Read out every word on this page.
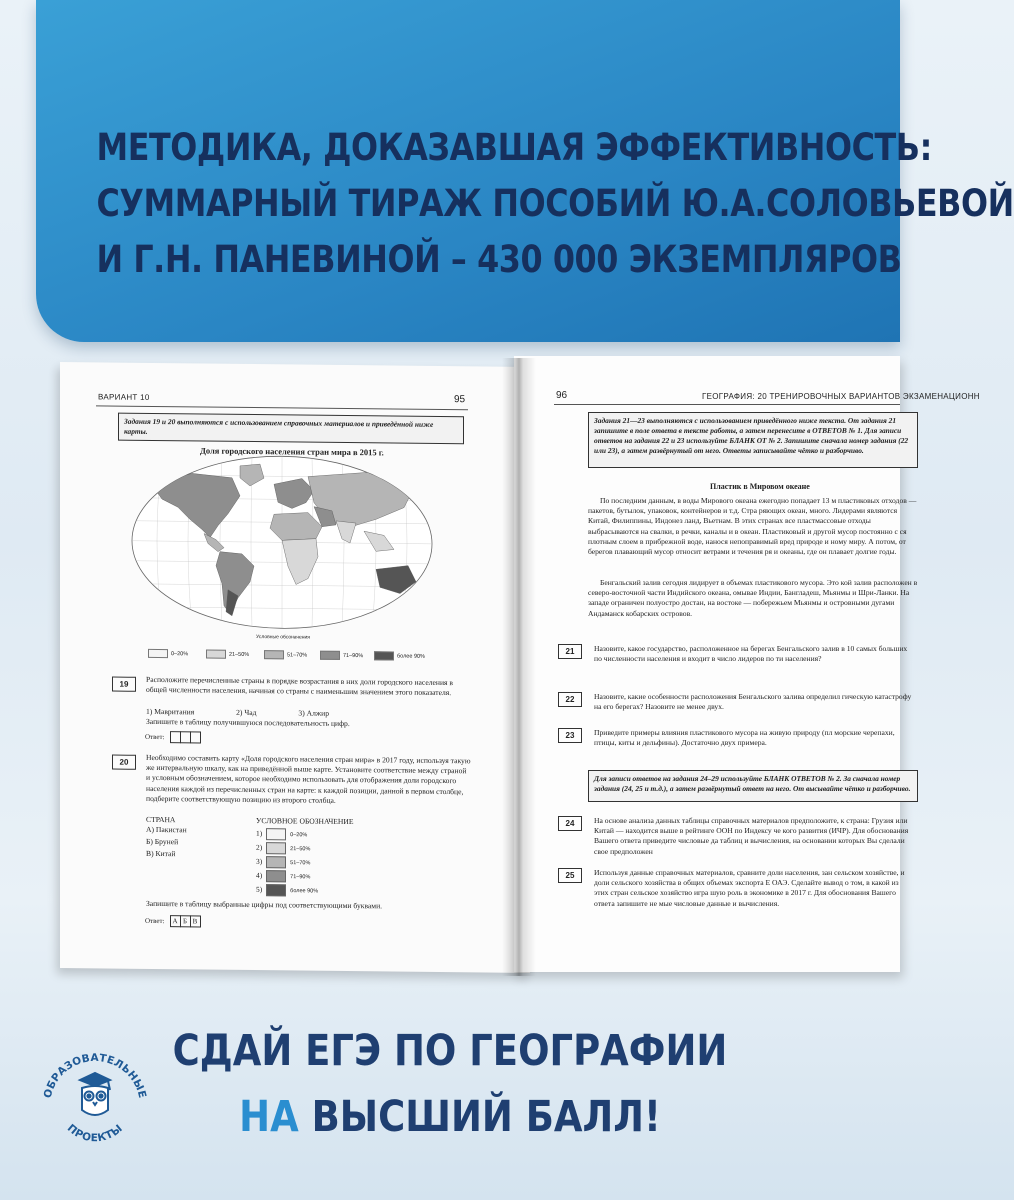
МЕТОДИКА, ДОКАЗАВШАЯ ЭФФЕКТИВНОСТЬ:
СУММАРНЫЙ ТИРАЖ ПОСОБИЙ Ю.А.СОЛОВЬЕВОЙ
И Г.Н. ПАНЕВИНОЙ – 430 000 ЭКЗЕМПЛЯРОВ
ВАРИАНТ 10	95
Задания 19 и 20 выполняются с использованием справочных материалов и приведённой ниже карты.
Доля городского населения стран мира в 2015 г.
Условные обозначения
0–20%	21–50%	51–70%	71–90%	более 90%
19	Расположите перечисленные страны в порядке возрастания в них доли городского населения в общей численности населения, начиная со страны с наименьшим значением этого показателя.
1) Мавритания	2) Чад	3) Алжир
Запишите в таблицу получившуюся последовательность цифр.
Ответ:
20	Необходимо составить карту «Доля городского населения стран мира» в 2017 году, используя такую же интервальную шкалу, как на приведённой выше карте. Установите соответствие между страной и условным обозначением, которое необходимо использовать для отображения доли городского населения каждой из перечисленных стран на карте: к каждой позиции, данной в первом столбце, подберите соответствующую позицию из второго столбца.
СТРАНА	УСЛОВНОЕ ОБОЗНАЧЕНИЕ
А) Пакистан
Б) Бруней
В) Китай
1)	0–20%
2)	21–50%
3)	51–70%
4)	71–90%
5)	более 90%
Запишите в таблицу выбранные цифры под соответствующими буквами.
Ответ: А Б В
96	ГЕОГРАФИЯ: 20 ТРЕНИРОВОЧНЫХ ВАРИАНТОВ ЭКЗАМЕНАЦИОНН
Задания 21—23 выполняются с использованием приведённого ниже текста. От задания 21 запишите в поле ответа в тексте работы, а затем перенесите в ОТВЕТОВ № 1. Для записи ответов на задания 22 и 23 используйте БЛАНК ОТ № 2. Запишите сначала номер задания (22 или 23), а затем развёрнутый от него. Ответы записывайте чётко и разборчиво.
Пластик в Мировом океане
По последним данным, в воды Мирового океана ежегодно попадает 13 м пластиковых отходов — пакетов, бутылок, упаковок, контейнеров и т.д. Стра ряющих океан, много. Лидерами являются Китай, Филиппины, Индонез ланд, Вьетнам. В этих странах все пластмассовые отходы выбрасываются на свалки, в речки, каналы и в океан. Пластиковый и другой мусор постоянно с ся плотным слоем в прибрежной воде, нанося непоправимый вред природе и ному миру. А потом, от берегов плавающий мусор относит ветрами и течения ря и океаны, где он плавает долгие годы.
Бенгальский залив сегодня лидирует в объемах пластикового мусора. Это кой залив расположен в северо-восточной части Индийского океана, омывае Индии, Бангладеш, Мьянмы и Шри-Ланки. На западе ограничен полуостро достан, на востоке — побережьем Мьянмы и островными дугами Андаманск кобарских островов.
21	Назовите, какое государство, расположенное на берегах Бенгальского залив в 10 самых больших по численности населения и входит в число лидеров по ти населения?
22	Назовите, какие особенности расположения Бенгальского залива определил гическую катастрофу на его берегах? Назовите не менее двух.
23	Приведите примеры влияния пластикового мусора на живую природу (пл морские черепахи, птицы, киты и дельфины). Достаточно двух примера.
Для записи ответов на задания 24–29 используйте БЛАНК ОТВЕТОВ № 2. За сначала номер задания (24, 25 и т.д.), а затем развёрнутый ответ на него. От высывайте чётко и разборчиво.
24	На основе анализа данных таблицы справочных материалов предположите, к страна: Грузия или Китай — находится выше в рейтинге ООН по Индексу че кого развития (ИЧР). Для обоснования Вашего ответа приведите числовые да таблиц и вычисления, на основании которых Вы сделали свое предположен
25	Используя данные справочных материалов, сравните доли населения, зан сельском хозяйстве, и доли сельского хозяйства в общих объемах экспорта Е ОАЭ. Сделайте вывод о том, в какой из этих стран сельское хозяйство игра шую роль в экономике в 2017 г. Для обоснования Вашего ответа запишите не мые числовые данные и вычисления.
ОБРАЗОВАТЕЛЬНЫЕ
ПРОЕКТЫ
СДАЙ ЕГЭ ПО ГЕОГРАФИИ
НА ВЫСШИЙ БАЛЛ!
